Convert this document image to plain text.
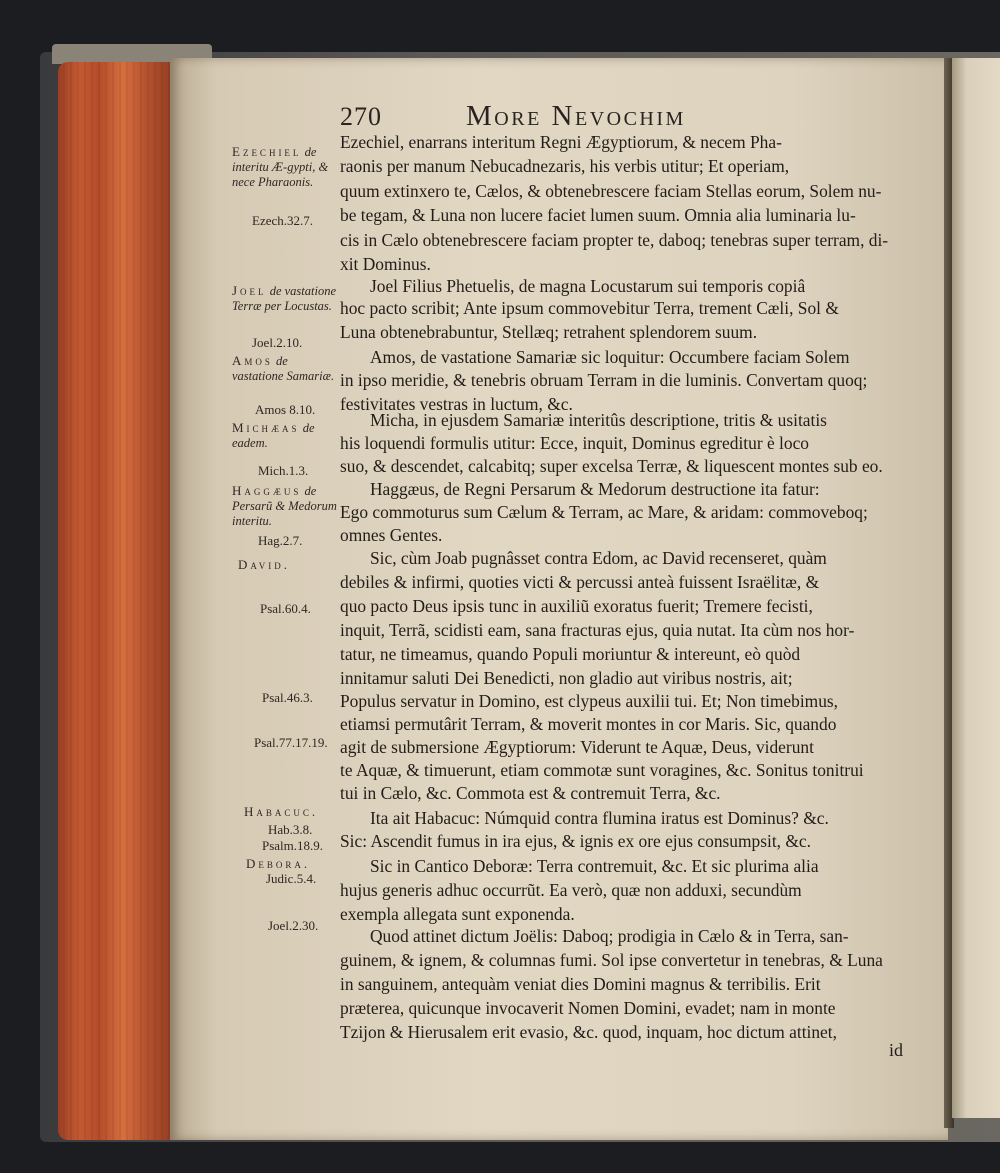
270	More Nevochim
Ezechiel de interitu Æ-gypti, & nece Pharaonis.
Ezech.32.7.
Joel de vastatione Terræ per Locustas.
Joel.2.10.
Amos de vastatione Samariæ.
Amos 8.10.
Michæas de eadem.
Mich.1.3.
Haggæus de Persarũ & Medorum interitu.
Hag.2.7.
David.
Psal.60.4.
Psal.46.3.
Psal.77.17.19.
Habacuc.
Hab.3.8.
Psalm.18.9.
Debora.
Judic.5.4.
Joel.2.30.
Ezechiel, enarrans interitum Regni Ægyptiorum, & necem Pha-
raonis per manum Nebucadnezaris, his verbis utitur; Et operiam,
quum extinxero te, Cælos, & obtenebrescere faciam Stellas eorum, Solem nu-
be tegam, & Luna non lucere faciet lumen suum. Omnia alia luminaria lu-
cis in Cælo obtenebrescere faciam propter te, daboq; tenebras super terram, di-
xit Dominus.
Joel Filius Phetuelis, de magna Locustarum sui temporis copiâ
hoc pacto scribit; Ante ipsum commovebitur Terra, trement Cæli, Sol &
Luna obtenebrabuntur, Stellæq; retrahent splendorem suum.
Amos, de vastatione Samariæ sic loquitur: Occumbere faciam Solem
in ipso meridie, & tenebris obruam Terram in die luminis. Convertam quoq;
festivitates vestras in luctum, &c.
Micha, in ejusdem Samariæ interitûs descriptione, tritis & usitatis
his loquendi formulis utitur: Ecce, inquit, Dominus egreditur è loco
suo, & descendet, calcabitq; super excelsa Terræ, & liquescent montes sub eo.
Haggæus, de Regni Persarum & Medorum destructione ita fatur:
Ego commoturus sum Cælum & Terram, ac Mare, & aridam: commoveboq;
omnes Gentes.
Sic, cùm Joab pugnâsset contra Edom, ac David recenseret, quàm
debiles & infirmi, quoties victi & percussi anteà fuissent Israëlitæ, &
quo pacto Deus ipsis tunc in auxiliũ exoratus fuerit; Tremere fecisti,
inquit, Terrã, scidisti eam, sana fracturas ejus, quia nutat. Ita cùm nos hor-
tatur, ne timeamus, quando Populi moriuntur & intereunt, eò quòd
innitamur saluti Dei Benedicti, non gladio aut viribus nostris, ait;
Populus servatur in Domino, est clypeus auxilii tui. Et; Non timebimus,
etiamsi permutârit Terram, & moverit montes in cor Maris. Sic, quando
agit de submersione Ægyptiorum: Viderunt te Aquæ, Deus, viderunt
te Aquæ, & timuerunt, etiam commotæ sunt voragines, &c. Sonitus tonitrui
tui in Cælo, &c. Commota est & contremuit Terra, &c.
Ita ait Habacuc: Númquid contra flumina iratus est Dominus? &c.
Sic: Ascendit fumus in ira ejus, & ignis ex ore ejus consumpsit, &c.
Sic in Cantico Deboræ: Terra contremuit, &c. Et sic plurima alia
hujus generis adhuc occurrũt. Ea verò, quæ non adduxi, secundùm
exempla allegata sunt exponenda.
Quod attinet dictum Joëlis: Daboq; prodigia in Cælo & in Terra, san-
guinem, & ignem, & columnas fumi. Sol ipse convertetur in tenebras, & Luna
in sanguinem, antequàm veniat dies Domini magnus & terribilis. Erit
præterea, quicunque invocaverit Nomen Domini, evadet; nam in monte
Tzijon & Hierusalem erit evasio, &c. quod, inquam, hoc dictum attinet,
id
